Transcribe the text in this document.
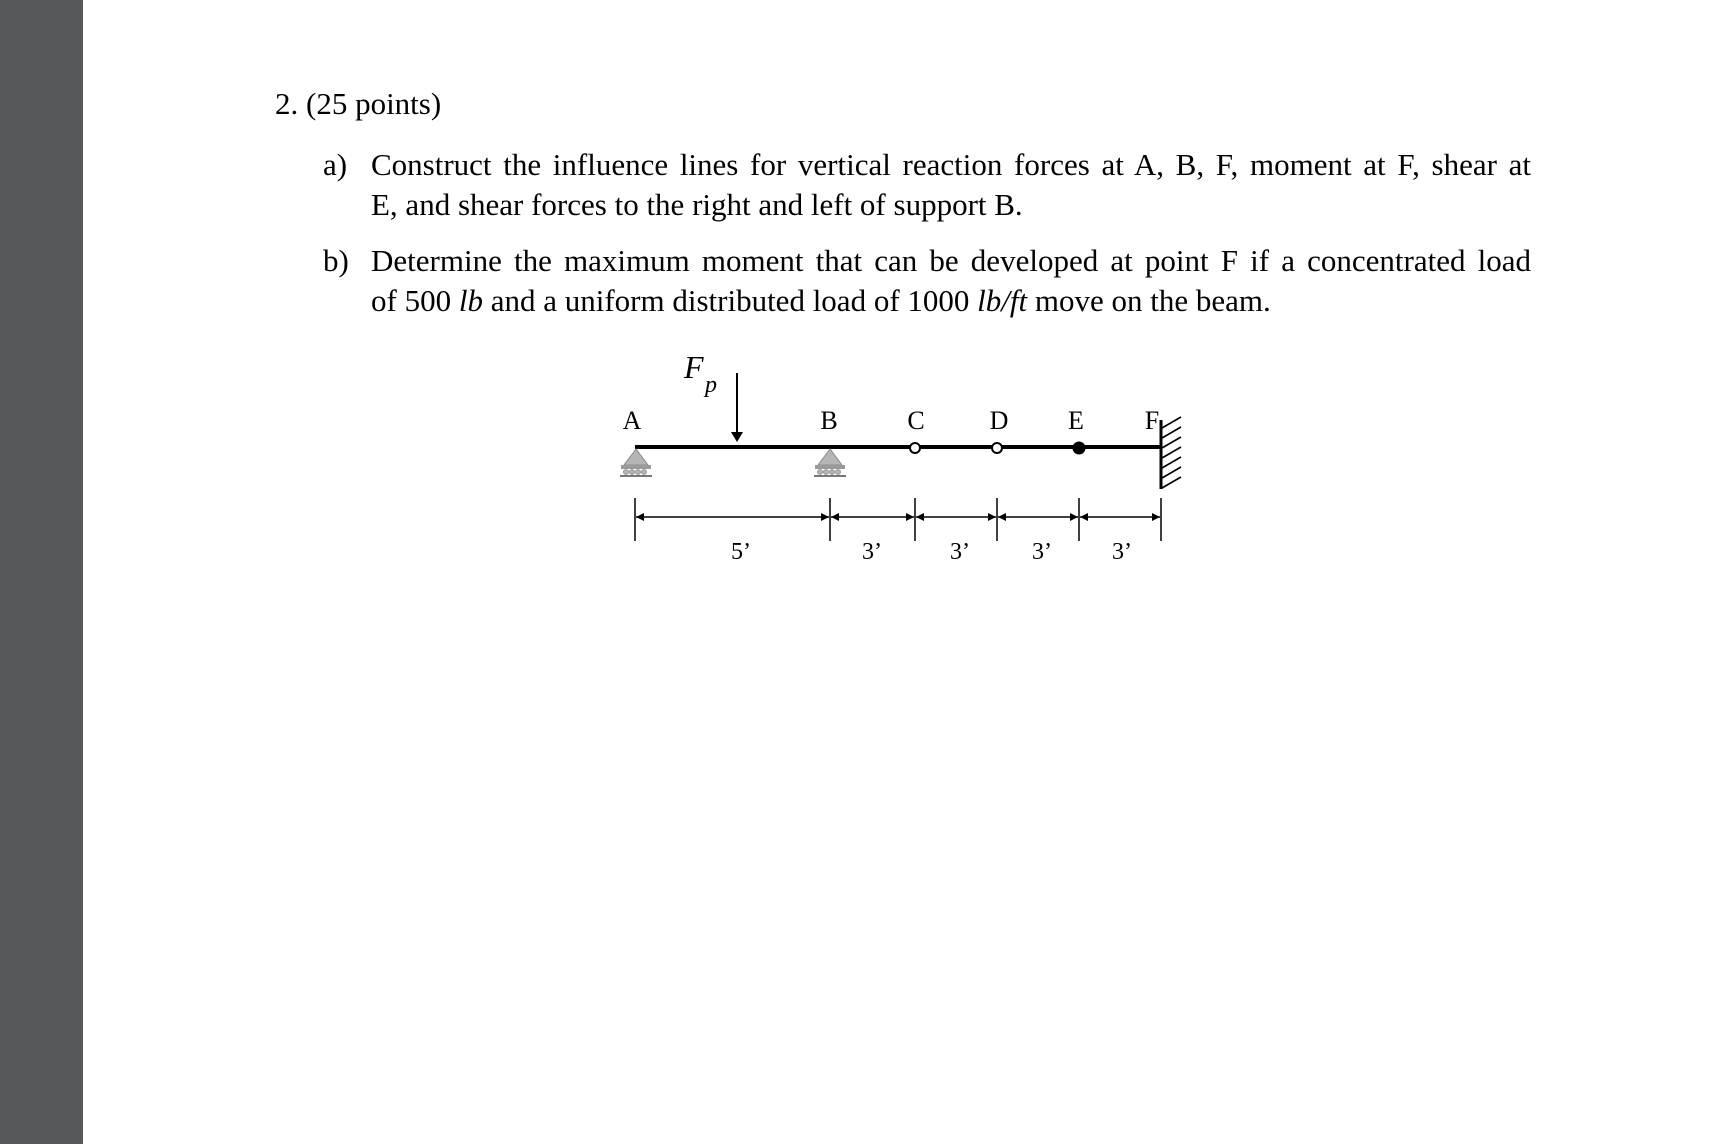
2. (25 points)
a) Construct the influence lines for vertical reaction forces at A, B, F, moment at F, shear at
E, and shear forces to the right and left of support B.
b) Determine the maximum moment that can be developed at point F if a concentrated load
of 500 lb and a uniform distributed load of 1000 lb/ft move on the beam.
F p
A	B	C D E F
5’	3’	3’	3’	3’
